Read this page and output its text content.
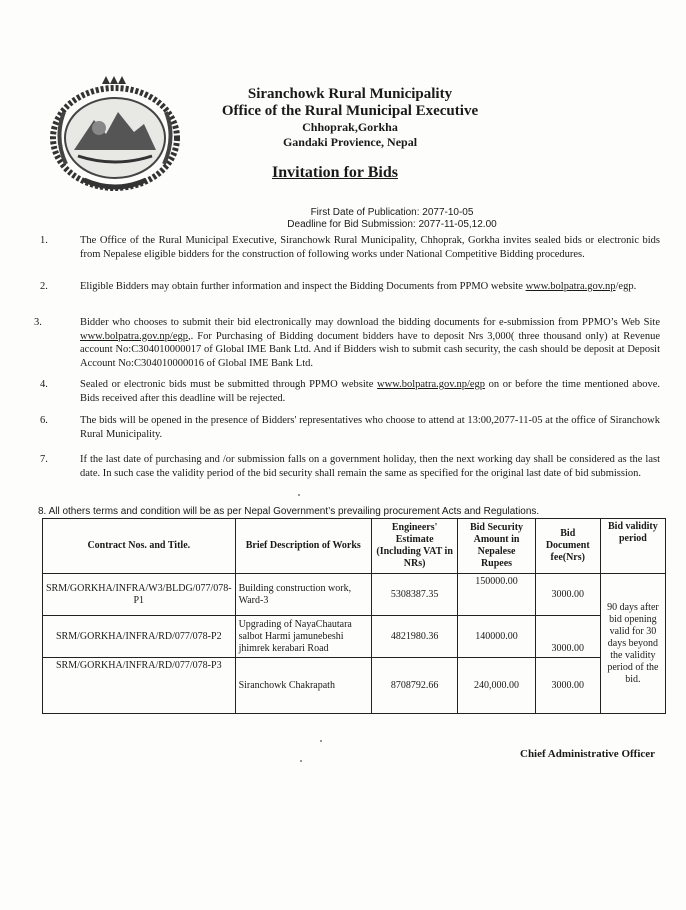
Siranchowk Rural Municipality
Office of the Rural Municipal Executive
Chhoprak,Gorkha
Gandaki Provience, Nepal
Invitation for Bids
First Date of Publication: 2077-10-05
Deadline for Bid Submission: 2077-11-05,12.00
1.	The Office of the Rural Municipal Executive, Siranchowk Rural Municipality, Chhoprak, Gorkha invites sealed bids or electronic bids from Nepalese eligible bidders for the construction of following works under National Competitive Bidding procedures.
2.	Eligible Bidders may obtain further information and inspect the Bidding Documents from PPMO website www.bolpatra.gov.np/egp.
3.	Bidder who chooses to submit their bid electronically may download the bidding documents for e-submission from PPMO’s Web Site www.bolpatra.gov.np/egp,. For Purchasing of Bidding document bidders have to deposit Nrs 3,000( three thousand only) at Revenue account No:C304010000017 of Global IME Bank Ltd. And if Bidders wish to submit cash security, the cash should be deposit at Deposit Account No:C304010000016 of Global IME Bank Ltd.
4.	Sealed or electronic bids must be submitted through PPMO website www.bolpatra.gov.np/egp on or before the time mentioned above. Bids received after this deadline will be rejected.
6.	The bids will be opened in the presence of Bidders' representatives who choose to attend at 13:00,2077-11-05 at the office of Siranchowk Rural Municipality.
7.	If the last date of purchasing and /or submission falls on a government holiday, then the next working day shall be considered as the last date. In such case the validity period of the bid security shall remain the same as specified for the original last date of bid submission.
8. All others terms and condition will be as per Nepal Government’s prevailing procurement Acts and Regulations.
Contract Nos. and Title.	Brief Description of Works	Engineers' Estimate (Including VAT in NRs)	Bid Security Amount in Nepalese Rupees	Bid Document fee(Nrs)	Bid validity period
SRM/GORKHA/INFRA/W3/BLDG/077/078-P1	Building construction work, Ward-3	5308387.35	150000.00	3000.00	90 days after bid opening valid for 30 days beyond the validity period of the bid.
SRM/GORKHA/INFRA/RD/077/078-P2	Upgrading of NayaChautara salbot Harmi jamunebeshi jhimrek kerabari Road	4821980.36	140000.00	3000.00	
SRM/GORKHA/INFRA/RD/077/078-P3	Siranchowk Chakrapath	8708792.66	240,000.00	3000.00	
Chief Administrative Officer
